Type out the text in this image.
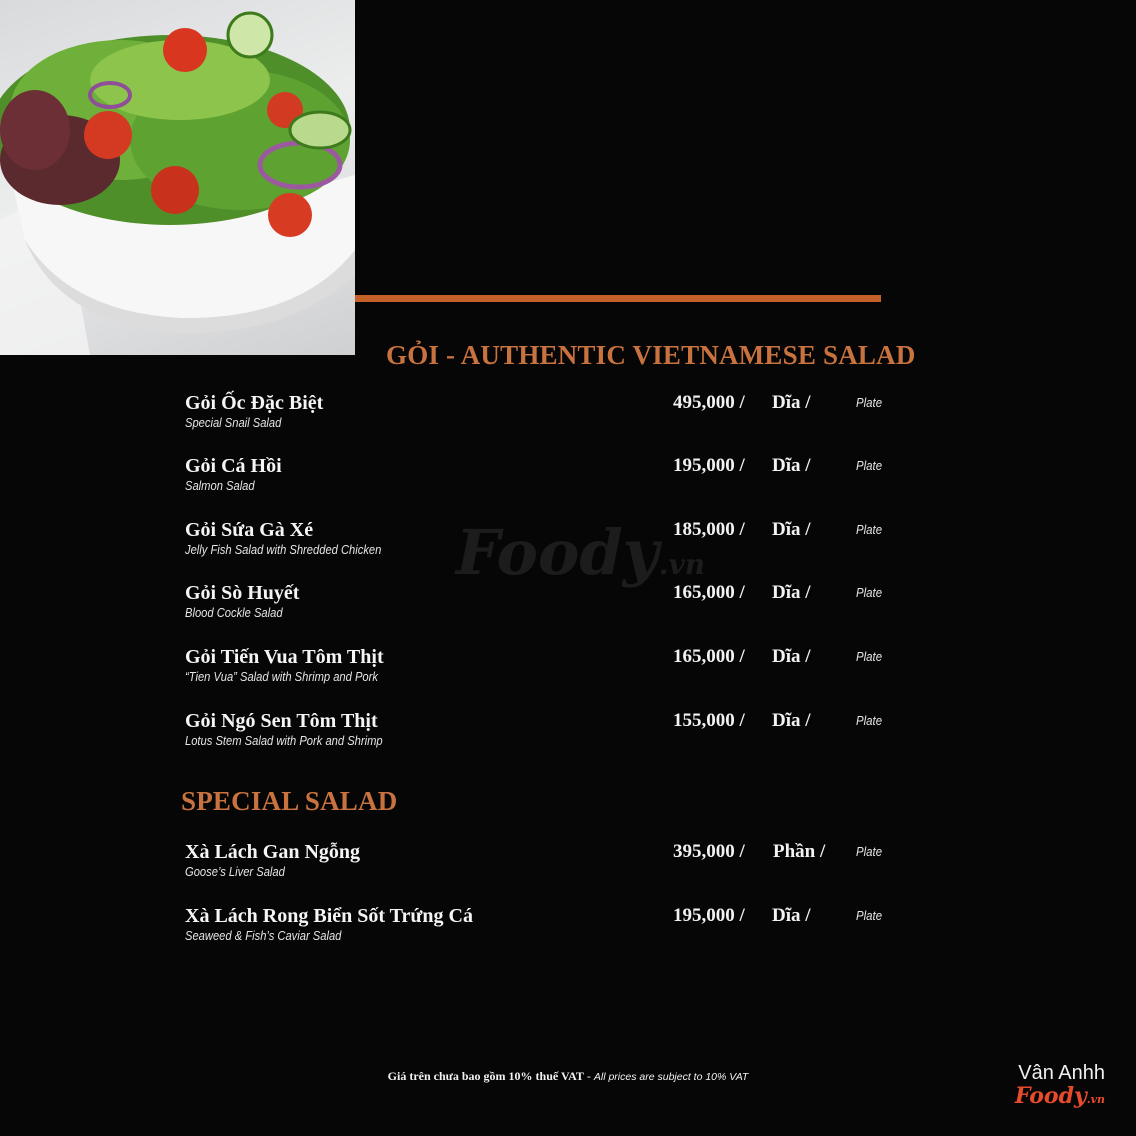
Foody.vn
GỎI - AUTHENTIC VIETNAMESE SALAD
Gỏi Ốc Đặc Biệt
Special Snail Salad
495,000 / Dĩa /	Plate
Gỏi Cá Hồi
Salmon Salad
195,000 / Dĩa /	Plate
Gỏi Sứa Gà Xé
Jelly Fish Salad with Shredded Chicken
185,000 / Dĩa /	Plate
Gỏi Sò Huyết
Blood Cockle Salad
165,000 / Dĩa /	Plate
Gỏi Tiến Vua Tôm Thịt
“Tien Vua” Salad with Shrimp and Pork
165,000 / Dĩa /	Plate
Gỏi Ngó Sen Tôm Thịt
Lotus Stem Salad with Pork and Shrimp
155,000 / Dĩa /	Plate
SPECIAL SALAD
Xà Lách Gan Ngỗng
Goose’s Liver Salad
395,000 / Phần / Plate
Xà Lách Rong Biển Sốt Trứng Cá
Seaweed & Fish’s Caviar Salad
195,000 / Dĩa /	Plate
Giá trên chưa bao gồm 10% thuế VAT - All prices are subject to 10% VAT	Vân Anhh
Foody.vn
